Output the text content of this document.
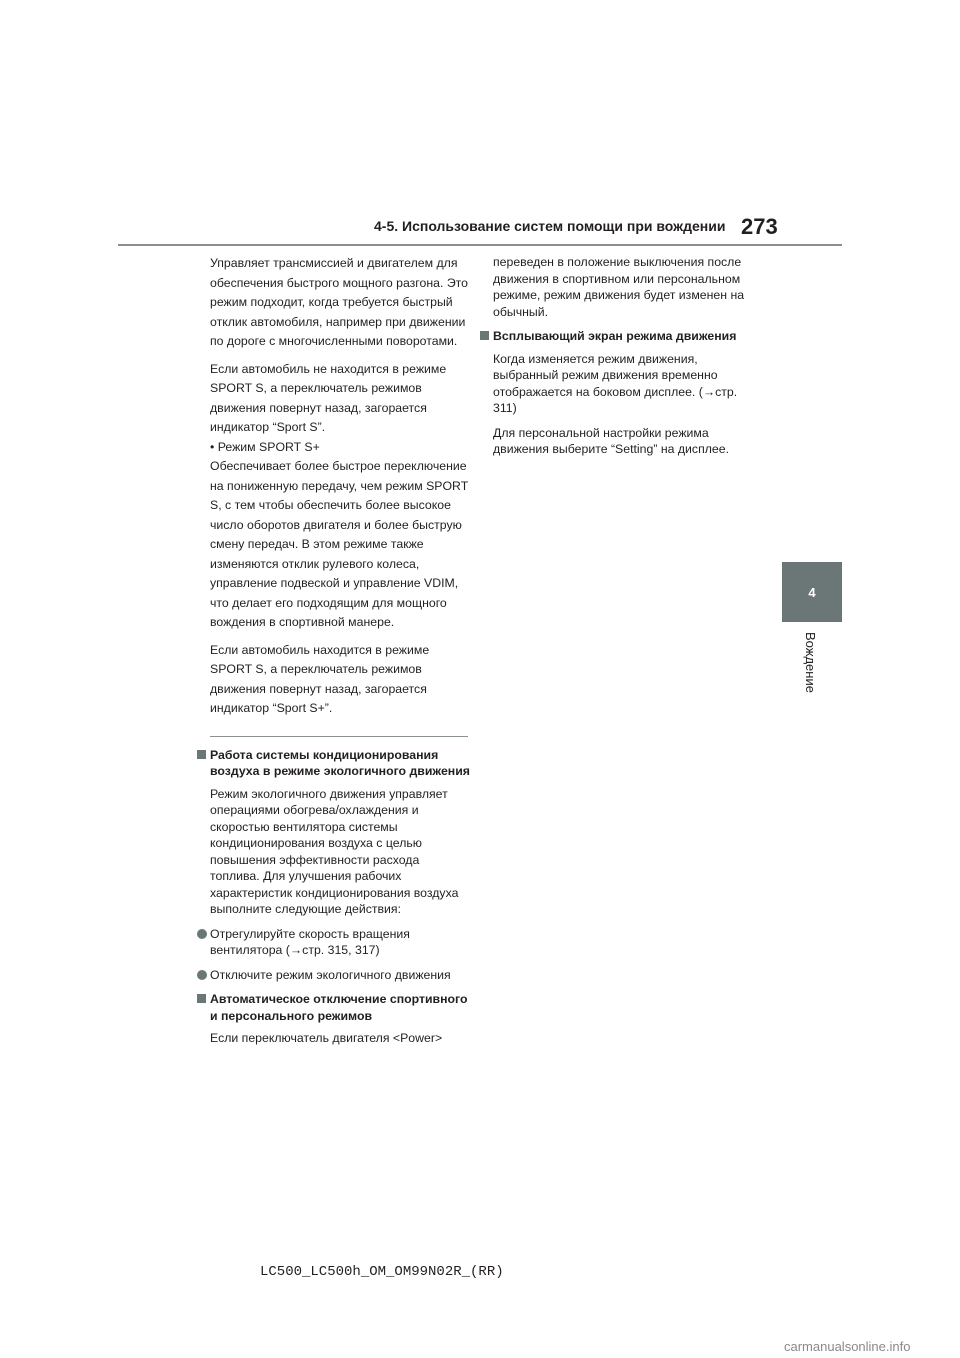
4-5. Использование систем помощи при вождении 273
4
Вождение

Управляет трансмиссией и двигателем для обеспечения быстрого мощного разгона. Это режим подходит, когда требуется быстрый отклик автомобиля, например при движении по дороге с многочисленными поворотами.

Если автомобиль не находится в режиме SPORT S, а переключатель режимов движения повернут назад, загорается индикатор “Sport S”.

• Режим SPORT S+

Обеспечивает более быстрое переключение на пониженную передачу, чем режим SPORT S, с тем чтобы обеспечить более высокое число оборотов двигателя и более быструю смену передач. В этом режиме также изменяются отклик рулевого колеса, управление подвеской и управление VDIM, что делает его подходящим для мощного вождения в спортивной манере.

Если автомобиль находится в режиме SPORT S, а переключатель режимов движения повернут назад, загорается индикатор “Sport S+”.

Работа системы кондиционирования воздуха в режиме экологичного движения

Режим экологичного движения управляет операциями обогрева/охлаждения и скоростью вентилятора системы кондиционирования воздуха с целью повышения эффективности расхода топлива. Для улучшения рабочих характеристик кондиционирования воздуха выполните следующие действия:

Отрегулируйте скорость вращения вентилятора (→стр. 315, 317)
Отключите режим экологичного движения
Автоматическое отключение спортивного и персонального режимов

Если переключатель двигателя <Power>

переведен в положение выключения после движения в спортивном или персональном режиме, режим движения будет изменен на обычный.

Всплывающий экран режима движения

Когда изменяется режим движения, выбранный режим движения временно отображается на боковом дисплее. (→стр. 311)

Для персональной настройки режима движения выберите “Setting” на дисплее.

LC500_LC500h_OM_OM99N02R_(RR)
carmanualsonline.info
